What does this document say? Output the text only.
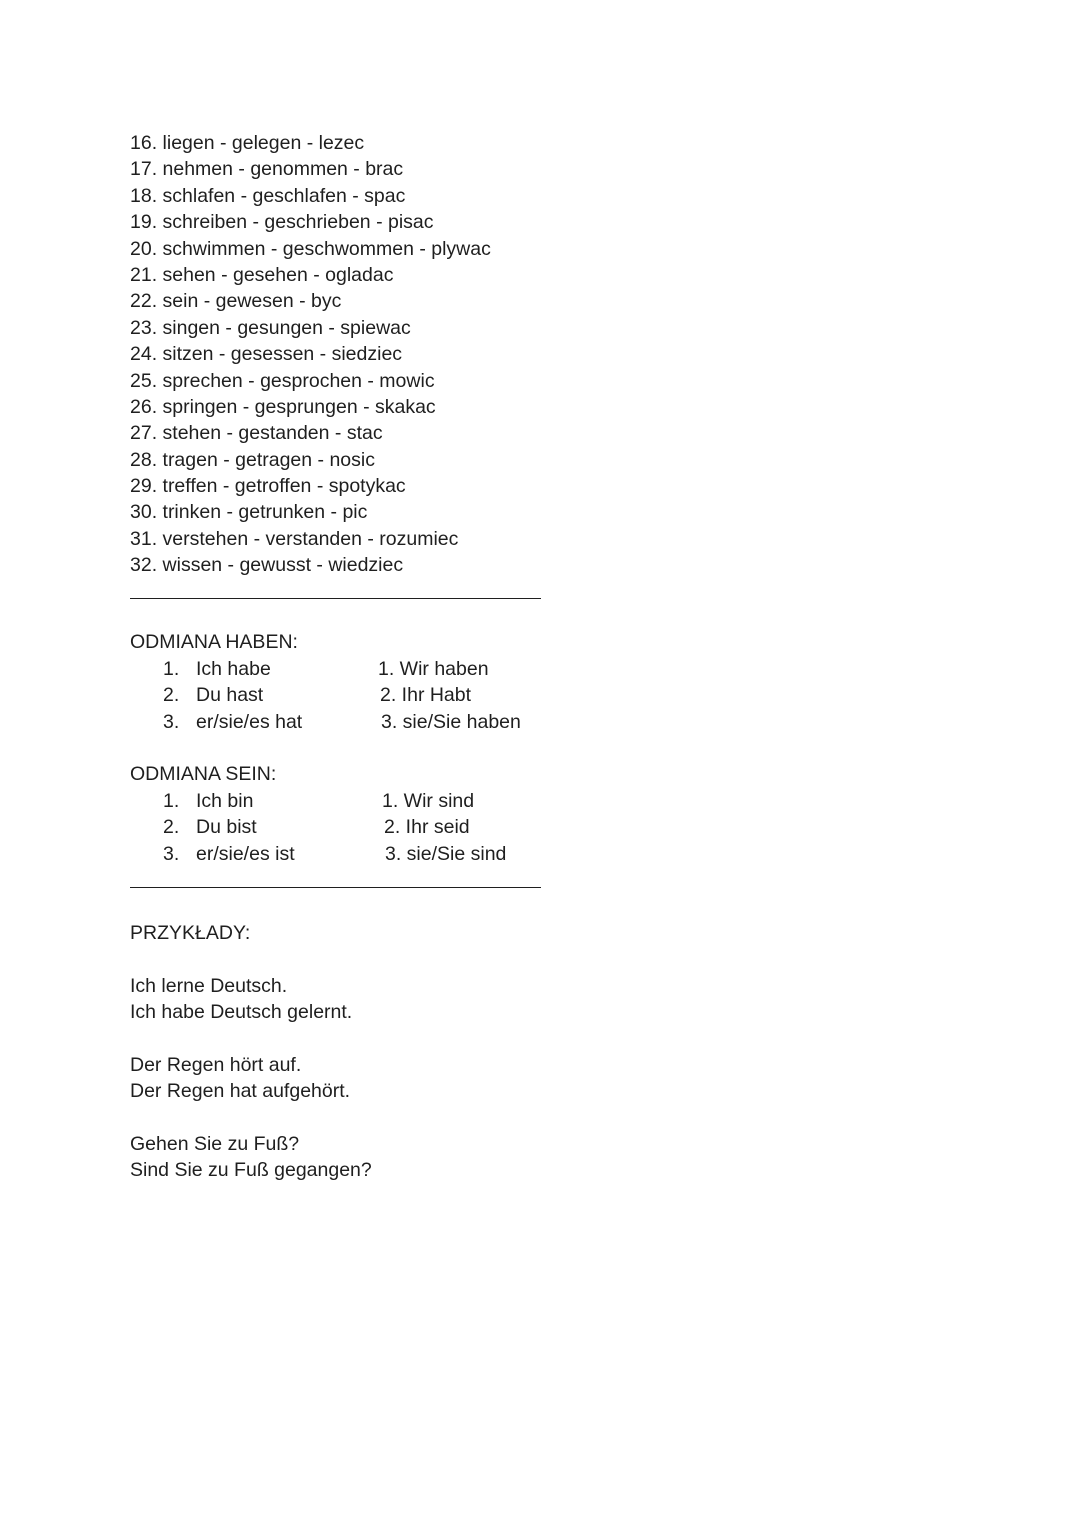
16. liegen - gelegen - lezec
17. nehmen - genommen - brac
18. schlafen - geschlafen - spac
19. schreiben - geschrieben - pisac
20. schwimmen - geschwommen - plywac
21. sehen - gesehen - ogladac
22. sein - gewesen - byc
23. singen - gesungen - spiewac
24. sitzen - gesessen - siedziec
25. sprechen - gesprochen - mowic
26. springen - gesprungen - skakac
27. stehen - gestanden - stac
28. tragen - getragen - nosic
29. treffen - getroffen - spotykac
30. trinken - getrunken - pic
31. verstehen - verstanden - rozumiec
32. wissen - gewusst - wiedziec
ODMIANA HABEN:
1. Ich habe
2. Du hast
3. er/sie/es hat
1. Wir haben
2. Ihr Habt
3. sie/Sie haben
ODMIANA SEIN:
1. Ich bin
2. Du bist
3. er/sie/es ist
1. Wir sind
2. Ihr seid
3. sie/Sie sind
PRZYKŁADY:
Ich lerne Deutsch.
Ich habe Deutsch gelernt.
Der Regen hört auf.
Der Regen hat aufgehört.
Gehen Sie zu Fuß?
Sind Sie zu Fuß gegangen?
